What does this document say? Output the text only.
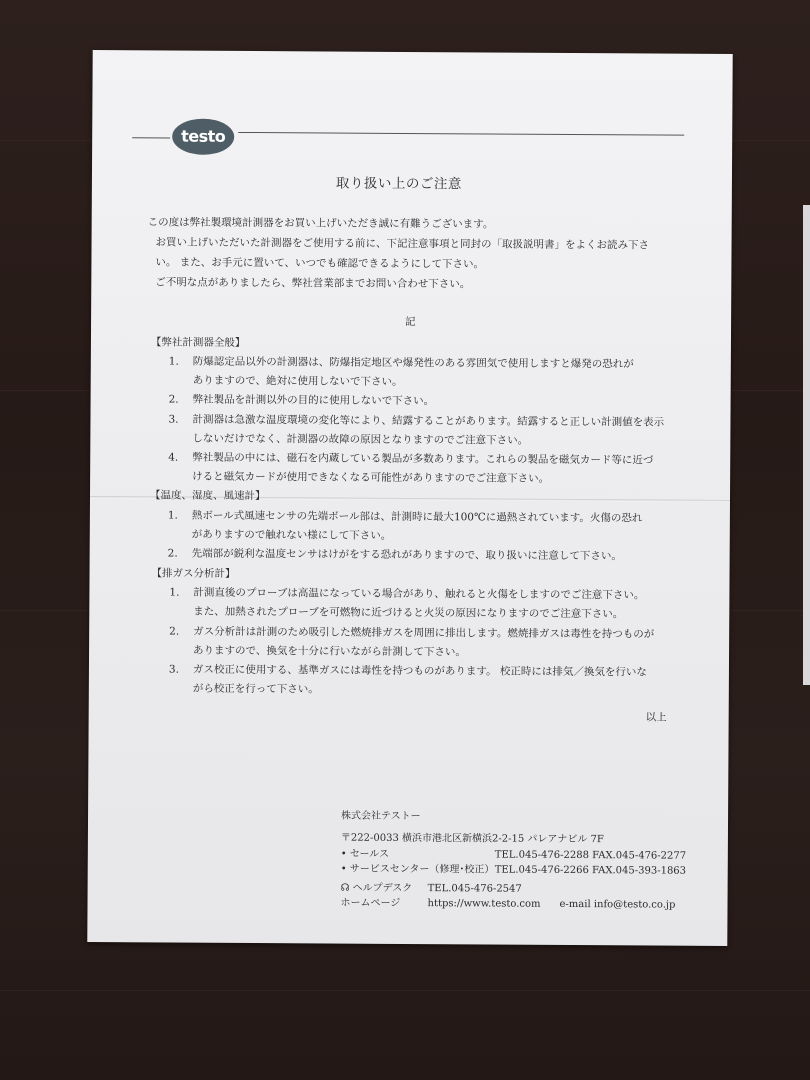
testo
取り扱い上のご注意
この度は弊社製環境計測器をお買い上げいただき誠に有難うございます。
お買い上げいただいた計測器をご使用する前に、下記注意事項と同封の「取扱説明書」をよくお読み下さ
い。 また、お手元に置いて、いつでも確認できるようにして下さい。
ご不明な点がありましたら、弊社営業部までお問い合わせ下さい。
記
【弊社計測器全般】
1. 防爆認定品以外の計測器は、防爆指定地区や爆発性のある雰囲気で使用しますと爆発の恐れが
ありますので、絶対に使用しないで下さい。
2. 弊社製品を計測以外の目的に使用しないで下さい。
3. 計測器は急激な温度環境の変化等により、結露することがあります。結露すると正しい計測値を表示
しないだけでなく、計測器の故障の原因となりますのでご注意下さい。
4. 弊社製品の中には、磁石を内蔵している製品が多数あります。これらの製品を磁気カード等に近づ
けると磁気カードが使用できなくなる可能性がありますのでご注意下さい。
【温度、湿度、風速計】
1. 熱ボール式風速センサの先端ボール部は、計測時に最大100℃に過熱されています。火傷の恐れ
がありますので触れない様にして下さい。
2. 先端部が鋭利な温度センサはけがをする恐れがありますので、取り扱いに注意して下さい。
【排ガス分析計】
1. 計測直後のプローブは高温になっている場合があり、触れると火傷をしますのでご注意下さい。
また、加熱されたプローブを可燃物に近づけると火災の原因になりますのでご注意下さい。
2. ガス分析計は計測のため吸引した燃焼排ガスを周囲に排出します。燃焼排ガスは毒性を持つものが
ありますので、換気を十分に行いながら計測して下さい。
3. ガス校正に使用する、基準ガスには毒性を持つものがあります。 校正時には排気／換気を行いな
がら校正を行って下さい。
以上
株式会社テストー
〒222-0033 横浜市港北区新横浜2-2-15 パレアナビル 7F
• セールス	TEL.045-476-2288 FAX.045-476-2277
• サービスセンター（修理･校正） TEL.045-476-2266 FAX.045-393-1863
☊ ヘルプデスク TEL.045-476-2547
ホームページ	https://www.testo.com e-mail info@testo.co.jp
